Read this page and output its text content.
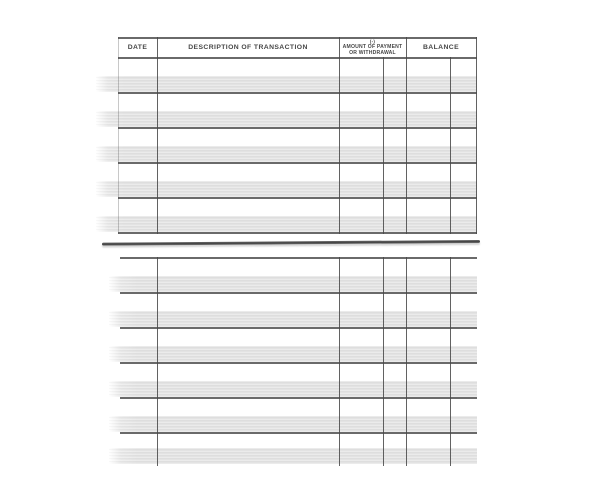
DATE	DESCRIPTION OF TRANSACTION
(-)
AMOUNT OF PAYMENT
OR WITHDRAWAL
BALANCE
